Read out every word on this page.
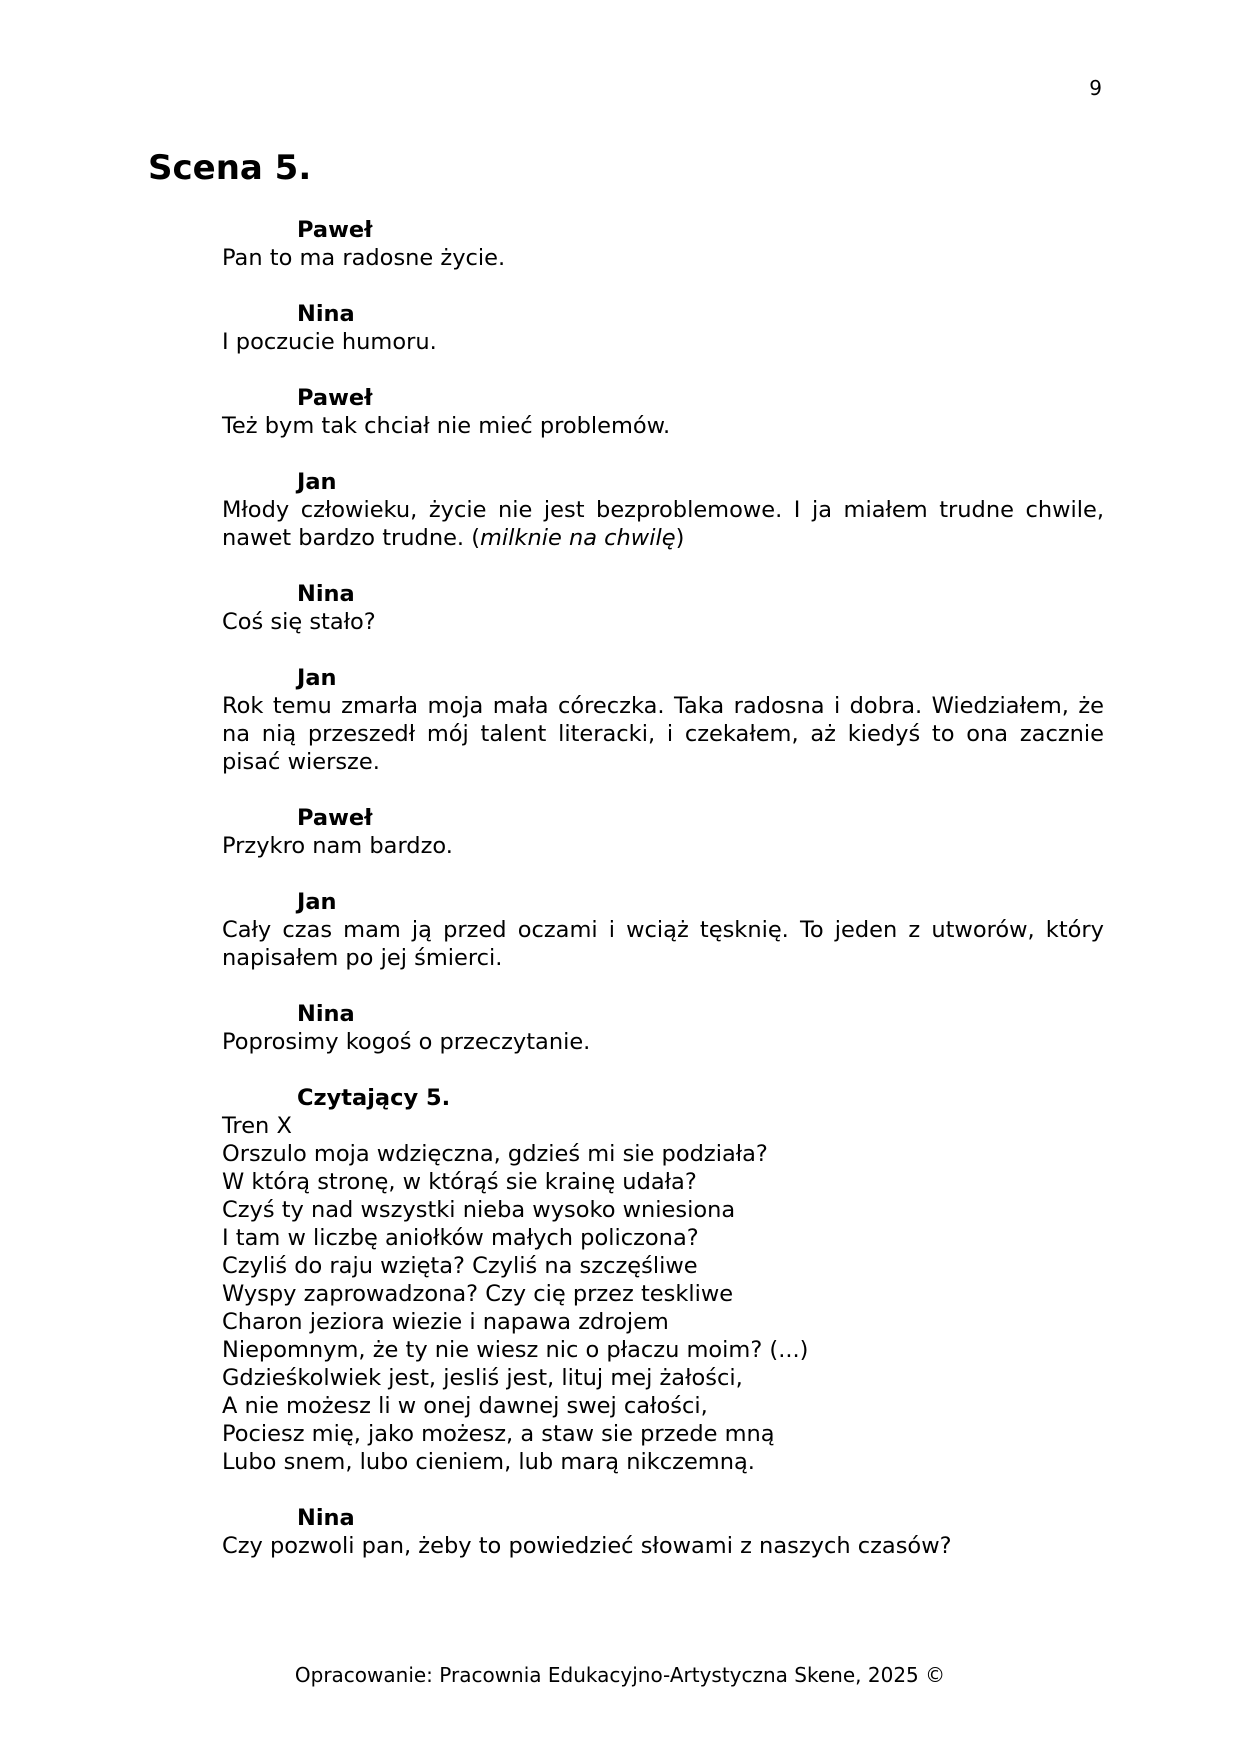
9
Scena 5.
Paweł
Pan to ma radosne życie.
Nina
I poczucie humoru.
Paweł
Też bym tak chciał nie mieć problemów.
Jan
Młody człowieku, życie nie jest bezproblemowe. I ja miałem trudne chwile, nawet bardzo trudne. (milknie na chwilę)
Nina
Coś się stało?
Jan
Rok temu zmarła moja mała córeczka. Taka radosna i dobra. Wiedziałem, że na nią przeszedł mój talent literacki, i czekałem, aż kiedyś to ona zacznie pisać wiersze.
Paweł
Przykro nam bardzo.
Jan
Cały czas mam ją przed oczami i wciąż tęsknię. To jeden z utworów, który napisałem po jej śmierci.
Nina
Poprosimy kogoś o przeczytanie.
Czytający 5.
Tren X
Orszulo moja wdzięczna, gdzieś mi sie podziała?
W którą stronę, w którąś sie krainę udała?
Czyś ty nad wszystki nieba wysoko wniesiona
I tam w liczbę aniołków małych policzona?
Czyliś do raju wzięta? Czyliś na szczęśliwe
Wyspy zaprowadzona? Czy cię przez teskliwe
Charon jeziora wiezie i napawa zdrojem
Niepomnym, że ty nie wiesz nic o płaczu moim? (...)
Gdzieśkolwiek jest, jesliś jest, lituj mej żałości,
A nie możesz li w onej dawnej swej całości,
Pociesz mię, jako możesz, a staw sie przede mną
Lubo snem, lubo cieniem, lub marą nikczemną.
Nina
Czy pozwoli pan, żeby to powiedzieć słowami z naszych czasów?
Opracowanie: Pracownia Edukacyjno-Artystyczna Skene, 2025 ©
